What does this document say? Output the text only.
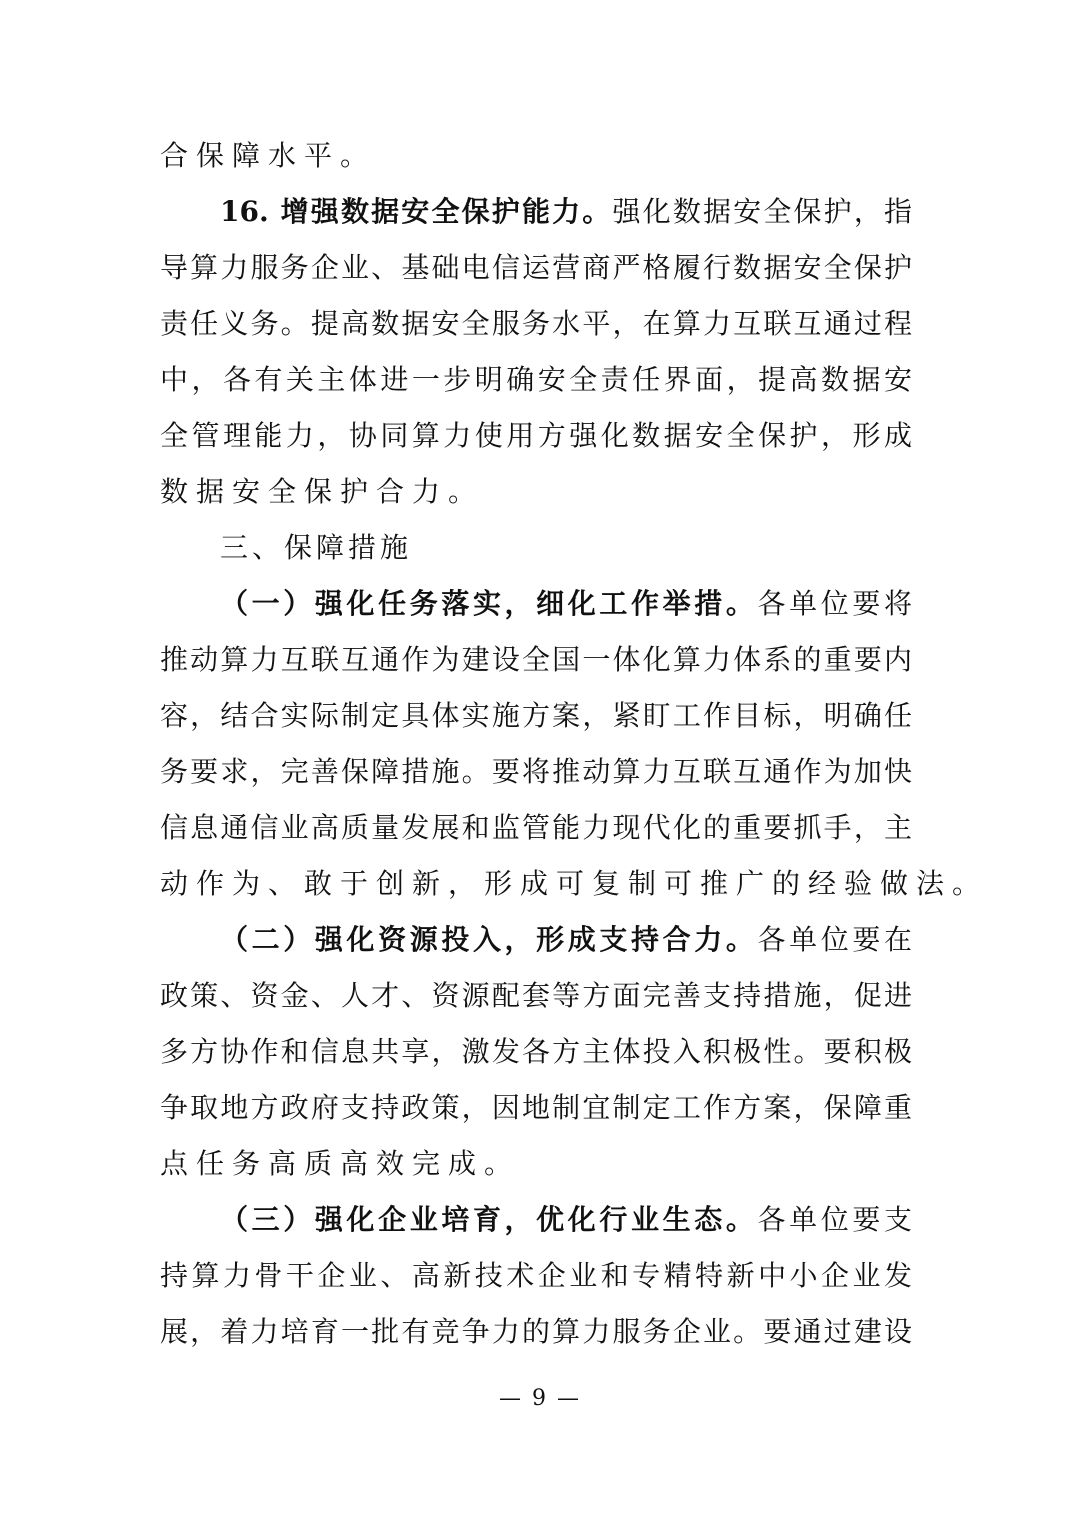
合保障水平。
16. 增强数据安全保护能力。强化数据安全保护，指
导算力服务企业、基础电信运营商严格履行数据安全保护
责任义务。提高数据安全服务水平，在算力互联互通过程
中，各有关主体进一步明确安全责任界面，提高数据安
全管理能力，协同算力使用方强化数据安全保护，形成
数据安全保护合力。
三、保障措施
（一）强化任务落实，细化工作举措。各单位要将
推动算力互联互通作为建设全国一体化算力体系的重要内
容，结合实际制定具体实施方案，紧盯工作目标，明确任
务要求，完善保障措施。要将推动算力互联互通作为加快
信息通信业高质量发展和监管能力现代化的重要抓手，主
动作为、敢于创新，形成可复制可推广的经验做法。
（二）强化资源投入，形成支持合力。各单位要在
政策、资金、人才、资源配套等方面完善支持措施，促进
多方协作和信息共享，激发各方主体投入积极性。要积极
争取地方政府支持政策，因地制宜制定工作方案，保障重
点任务高质高效完成。
（三）强化企业培育，优化行业生态。各单位要支
持算力骨干企业、高新技术企业和专精特新中小企业发
展，着力培育一批有竞争力的算力服务企业。要通过建设
— 9 —
